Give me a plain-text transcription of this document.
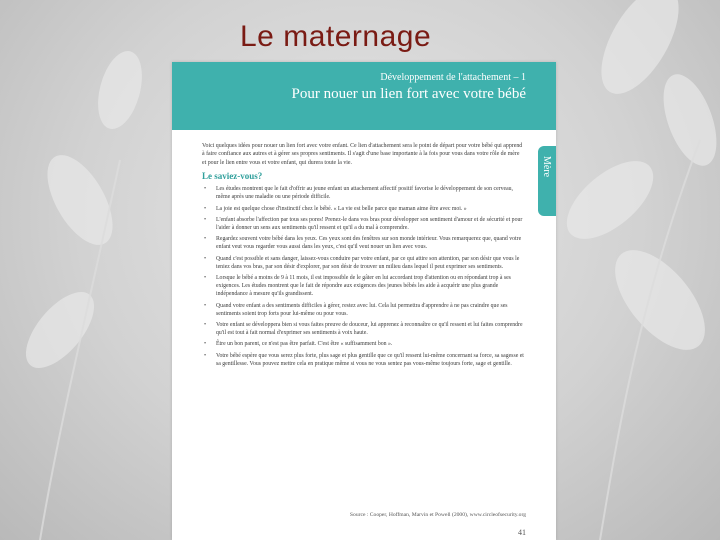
Le maternage
Développement de l'attachement – 1
Pour nouer un lien fort avec votre bébé
Mère

Voici quelques idées pour nouer un lien fort avec votre enfant. Ce lien d'attachement sera le point de départ pour votre bébé qui apprend à faire confiance aux autres et à gérer ses propres sentiments. Il s'agit d'une base importante à la fois pour vous dans votre rôle de mère et pour le lien entre vous et votre enfant, qui durera toute la vie.

Le saviez-vous?
• Les études montrent que le fait d'offrir au jeune enfant un attachement affectif positif favorise le développement de son cerveau, même après une maladie ou une période difficile.
• La joie est quelque chose d'instinctif chez le bébé. « La vie est belle parce que maman aime être avec moi. »
• L'enfant absorbe l'affection par tous ses pores! Prenez-le dans vos bras pour développer son sentiment d'amour et de sécurité et pour l'aider à donner un sens aux sentiments qu'il ressent et qu'il a du mal à comprendre.
• Regardez souvent votre bébé dans les yeux. Ces yeux sont des fenêtres sur son monde intérieur. Vous remarquerez que, quand votre enfant veut vous regarder vous aussi dans les yeux, c'est qu'il veut nouer un lien avec vous.
• Quand c'est possible et sans danger, laissez-vous conduire par votre enfant, par ce qui attire son attention, par son désir que vous le teniez dans vos bras, par son désir d'explorer, par son désir de trouver un milieu dans lequel il peut exprimer ses sentiments.
• Lorsque le bébé a moins de 9 à 11 mois, il est impossible de le gâter en lui accordant trop d'attention ou en répondant trop à ses exigences. Les études montrent que le fait de répondre aux exigences des jeunes bébés les aide à acquérir une plus grande indépendance à mesure qu'ils grandissent.
• Quand votre enfant a des sentiments difficiles à gérer, restez avec lui. Cela lui permettra d'apprendre à ne pas craindre que ses sentiments soient trop forts pour lui-même ou pour vous.
• Votre enfant se développera bien si vous faites preuve de douceur, lui apprenez à reconnaître ce qu'il ressent et lui faites comprendre qu'il est tout à fait normal d'exprimer ses sentiments à voix haute.
• Être un bon parent, ce n'est pas être parfait. C'est être « suffisamment bon ».
• Votre bébé espère que vous serez plus forte, plus sage et plus gentille que ce qu'il ressent lui-même concernant sa force, sa sagesse et sa gentillesse. Vous pouvez mettre cela en pratique même si vous ne vous sentez pas vous-même toujours forte, sage et gentille.
Source : Cooper, Hoffman, Marvin et Powell (2000), www.circleofsecurity.org
41
